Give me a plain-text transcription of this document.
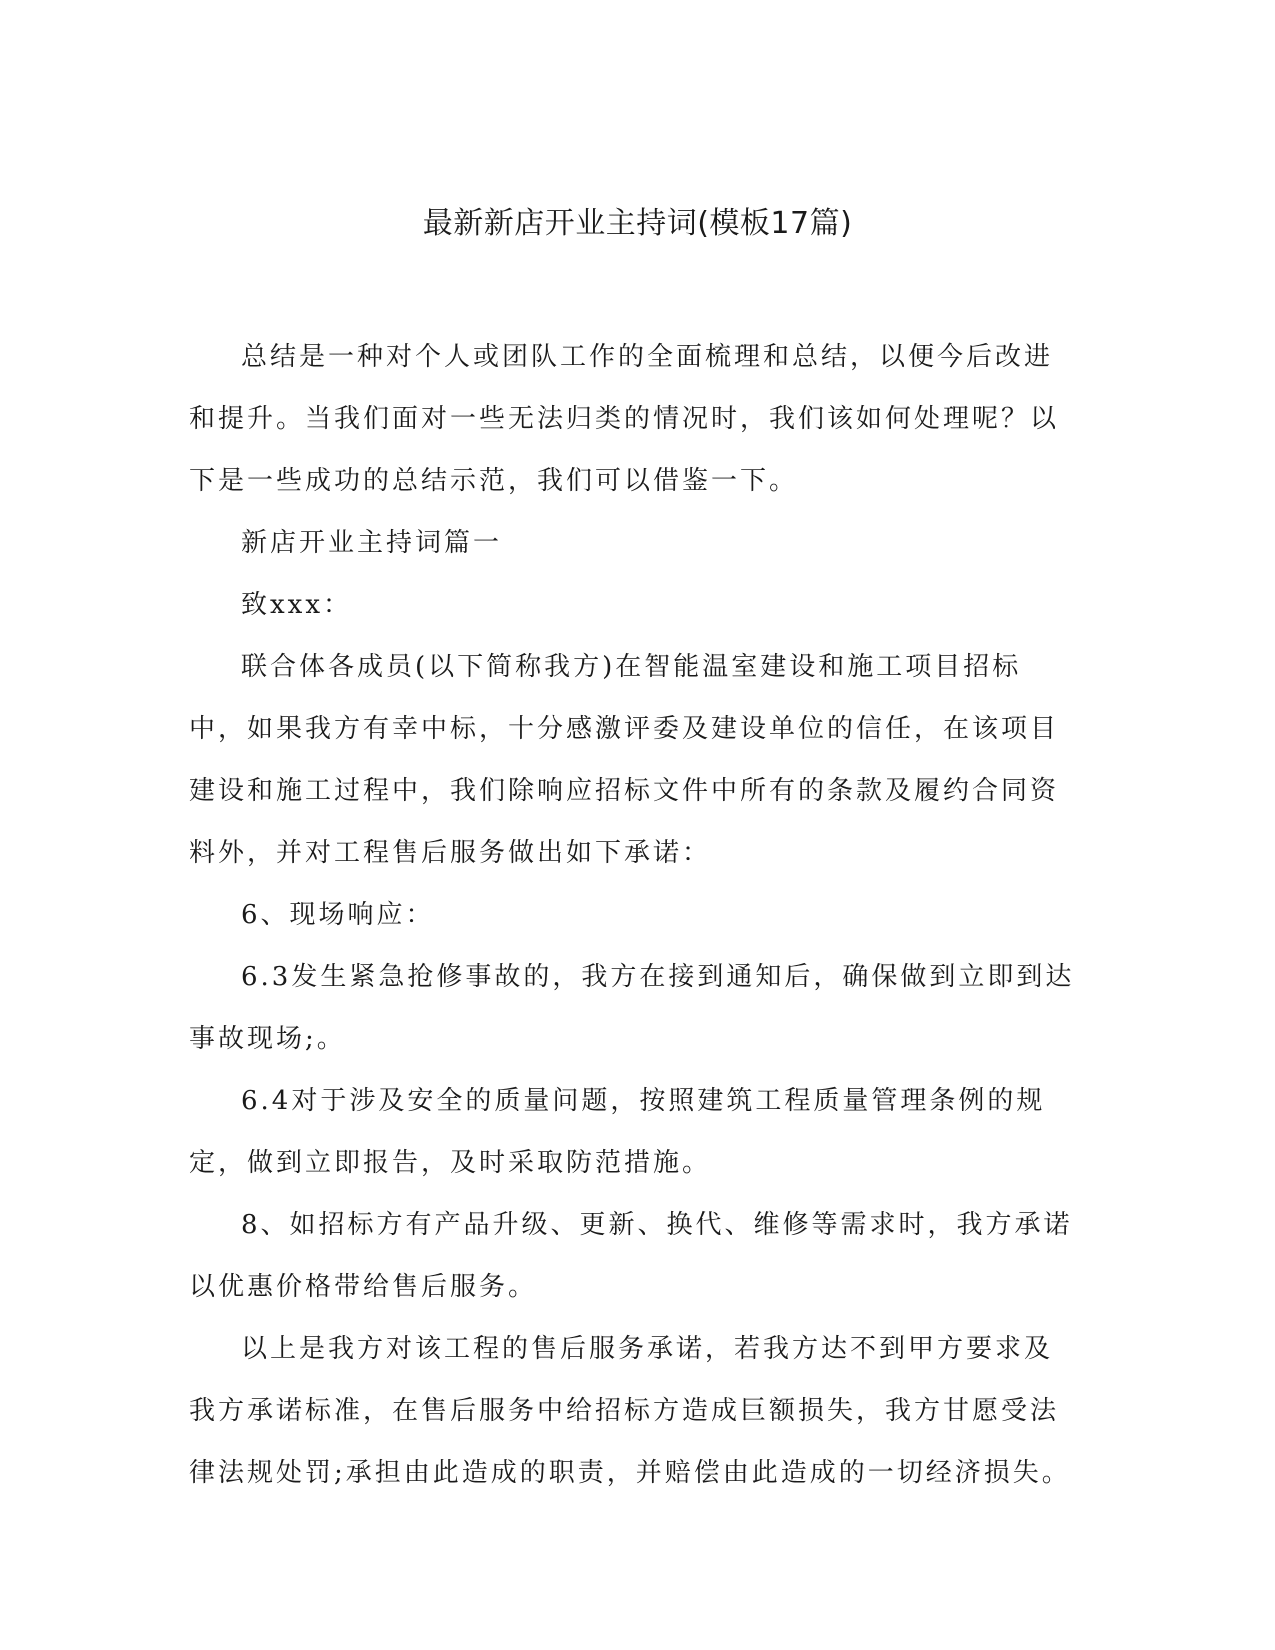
最新新店开业主持词(模板17篇)

总结是一种对个人或团队工作的全面梳理和总结，以便今后改进和提升。当我们面对一些无法归类的情况时，我们该如何处理呢？以下是一些成功的总结示范，我们可以借鉴一下。

新店开业主持词篇一

致xxx：

联合体各成员(以下简称我方)在智能温室建设和施工项目招标中，如果我方有幸中标，十分感激评委及建设单位的信任，在该项目建设和施工过程中，我们除响应招标文件中所有的条款及履约合同资料外，并对工程售后服务做出如下承诺：

6、现场响应：

6.3发生紧急抢修事故的，我方在接到通知后，确保做到立即到达事故现场;。

6.4对于涉及安全的质量问题，按照建筑工程质量管理条例的规定，做到立即报告，及时采取防范措施。

8、如招标方有产品升级、更新、换代、维修等需求时，我方承诺以优惠价格带给售后服务。

以上是我方对该工程的售后服务承诺，若我方达不到甲方要求及我方承诺标准，在售后服务中给招标方造成巨额损失，我方甘愿受法律法规处罚;承担由此造成的职责，并赔偿由此造成的一切经济损失。
